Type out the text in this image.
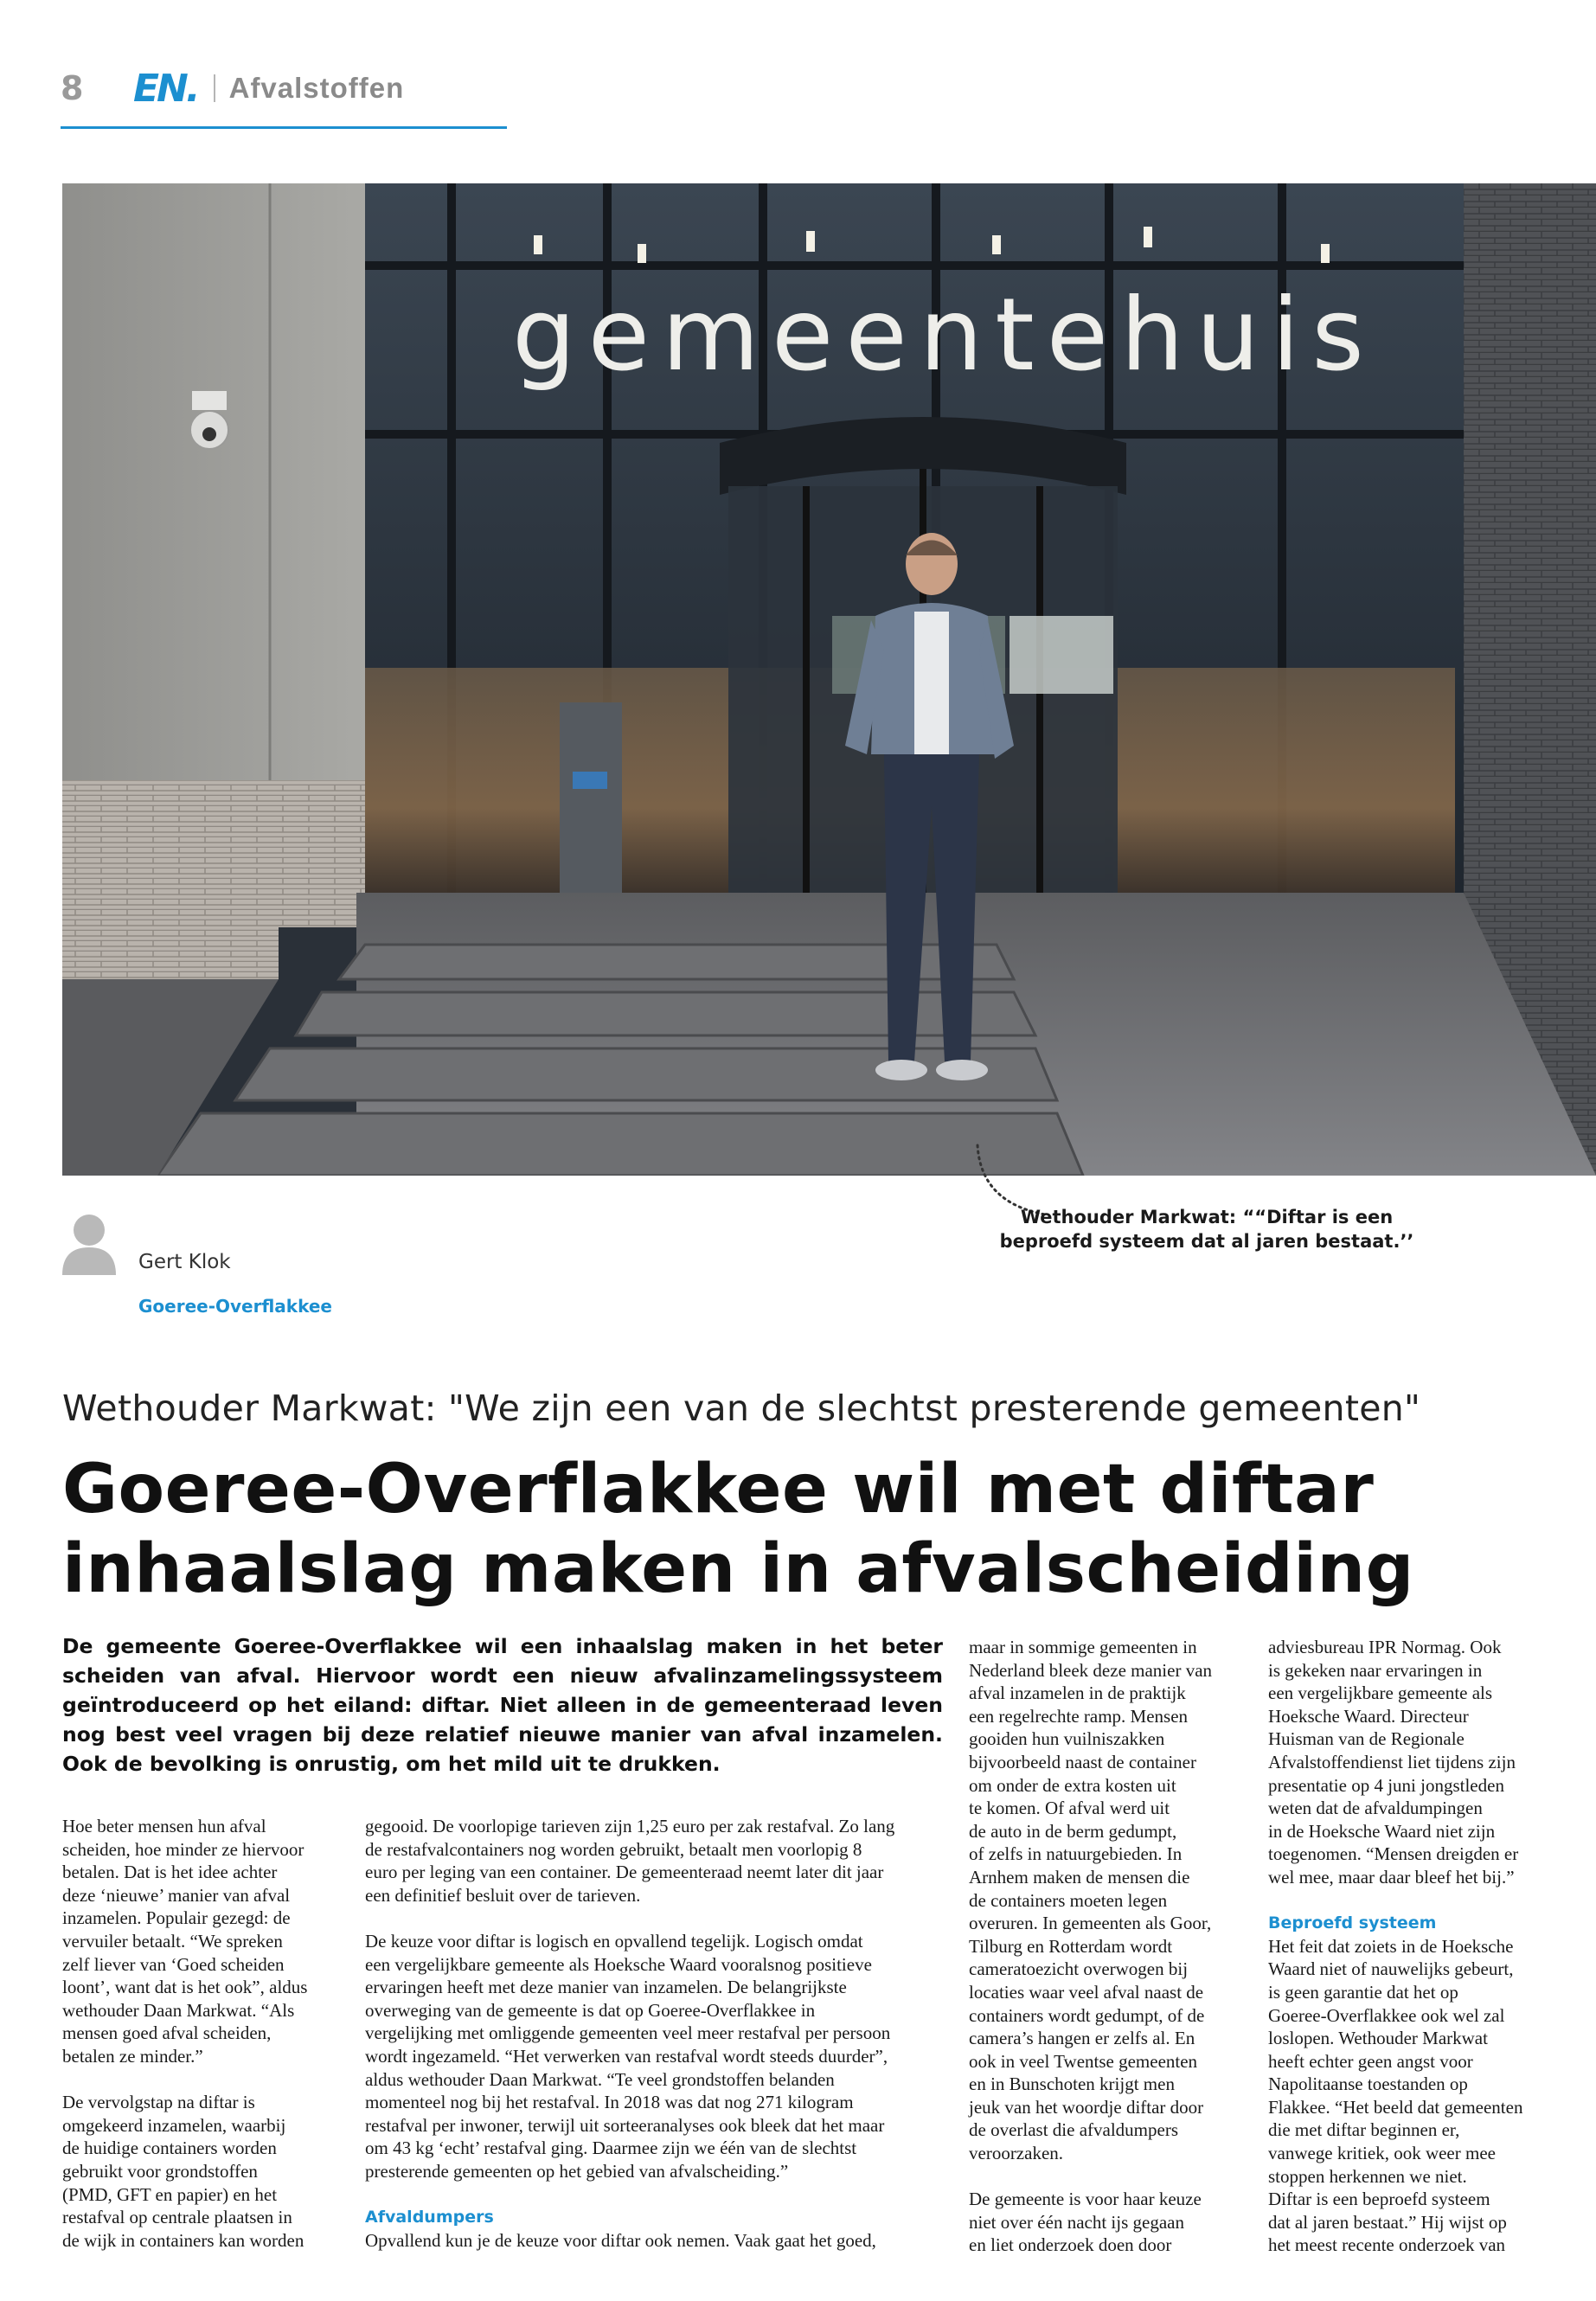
8	EN. Afvalstoffen
gemeentehuis
Wethouder Markwat: ““Diftar is een
beproefd systeem dat al jaren bestaat.’’
Gert Klok
Goeree-Overflakkee
Wethouder Markwat: "We zijn een van de slechtst presterende gemeenten"
Goeree-Overflakkee wil met diftar
inhaalslag maken in afvalscheiding
De gemeente Goeree-Overflakkee wil een inhaalslag maken in het beter scheiden van afval. Hiervoor wordt een nieuw afvalinzamelingssysteem geïntroduceerd op het eiland: diftar. Niet alleen in de gemeenteraad leven nog best veel vragen bij deze relatief nieuwe manier van afval inzamelen. Ook de bevolking is onrustig, om het mild uit te drukken.

Hoe beter mensen hun afval
scheiden, hoe minder ze hiervoor
betalen. Dat is het idee achter
deze ‘nieuwe’ manier van afval
inzamelen. Populair gezegd: de
vervuiler betaalt. “We spreken
zelf liever van ‘Goed scheiden
loont’, want dat is het ook”, aldus
wethouder Daan Markwat. “Als
mensen goed afval scheiden,
betalen ze minder.”

De vervolgstap na diftar is
omgekeerd inzamelen, waarbij
de huidige containers worden
gebruikt voor grondstoffen
(PMD, GFT en papier) en het
restafval op centrale plaatsen in
de wijk in containers kan worden

gegooid. De voorlopige tarieven zijn 1,25 euro per zak restafval. Zo lang
de restafvalcontainers nog worden gebruikt, betaalt men voorlopig 8
euro per leging van een container. De gemeenteraad neemt later dit jaar
een definitief besluit over de tarieven.

De keuze voor diftar is logisch en opvallend tegelijk. Logisch omdat
een vergelijkbare gemeente als Hoeksche Waard vooralsnog positieve
ervaringen heeft met deze manier van inzamelen. De belangrijkste
overweging van de gemeente is dat op Goeree-Overflakkee in
vergelijking met omliggende gemeenten veel meer restafval per persoon
wordt ingezameld. “Het verwerken van restafval wordt steeds duurder”,
aldus wethouder Daan Markwat. “Te veel grondstoffen belanden
momenteel nog bij het restafval. In 2018 was dat nog 271 kilogram
restafval per inwoner, terwijl uit sorteeranalyses ook bleek dat het maar
om 43 kg ‘echt’ restafval ging. Daarmee zijn we één van de slechtst
presterende gemeenten op het gebied van afvalscheiding.”

Afvaldumpers
Opvallend kun je de keuze voor diftar ook nemen. Vaak gaat het goed,

maar in sommige gemeenten in
Nederland bleek deze manier van
afval inzamelen in de praktijk
een regelrechte ramp. Mensen
gooiden hun vuilniszakken
bijvoorbeeld naast de container
om onder de extra kosten uit
te komen. Of afval werd uit
de auto in de berm gedumpt,
of zelfs in natuurgebieden. In
Arnhem maken de mensen die
de containers moeten legen
overuren. In gemeenten als Goor,
Tilburg en Rotterdam wordt
cameratoezicht overwogen bij
locaties waar veel afval naast de
containers wordt gedumpt, of de
camera’s hangen er zelfs al. En
ook in veel Twentse gemeenten
en in Bunschoten krijgt men
jeuk van het woordje diftar door
de overlast die afvaldumpers
veroorzaken.

De gemeente is voor haar keuze
niet over één nacht ijs gegaan
en liet onderzoek doen door

adviesbureau IPR Normag. Ook
is gekeken naar ervaringen in
een vergelijkbare gemeente als
Hoeksche Waard. Directeur
Huisman van de Regionale
Afvalstoffendienst liet tijdens zijn
presentatie op 4 juni jongstleden
weten dat de afvaldumpingen
in de Hoeksche Waard niet zijn
toegenomen. “Mensen dreigden er
wel mee, maar daar bleef het bij.”

Beproefd systeem
Het feit dat zoiets in de Hoeksche
Waard niet of nauwelijks gebeurt,
is geen garantie dat het op
Goeree-Overflakkee ook wel zal
loslopen. Wethouder Markwat
heeft echter geen angst voor
Napolitaanse toestanden op
Flakkee. “Het beeld dat gemeenten
die met diftar beginnen er,
vanwege kritiek, ook weer mee
stoppen herkennen we niet.
Diftar is een beproefd systeem
dat al jaren bestaat.” Hij wijst op
het meest recente onderzoek van
